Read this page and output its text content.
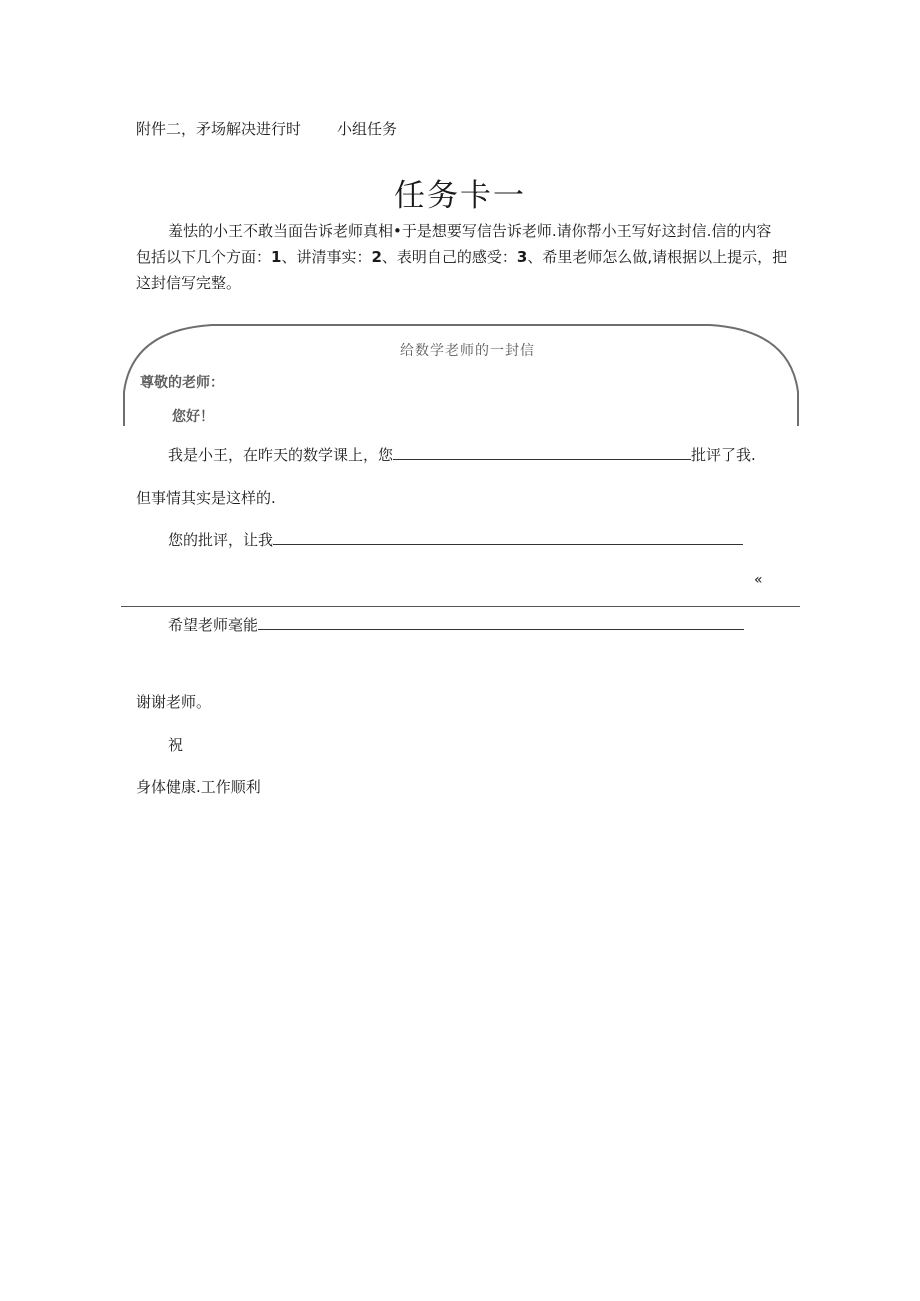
附件二，矛场解决进行时 小组任务
任务卡一
羞怯的小王不敢当面告诉老师真相•于是想要写信告诉老师.请你帮小王写好这封信.信的内容
包括以下几个方面：1、讲清事实：2、表明自己的感受：3、希里老师怎么做,请根据以上提示，把
这封信写完整。
给数学老师的一封信
尊敬的老师：
您好！
我是小王，在昨天的数学课上，您	批评了我.
但事情其实是这样的.
您的批评，让我
«
希望老师毫能
谢谢老师。
祝
身体健康.工作顺利
